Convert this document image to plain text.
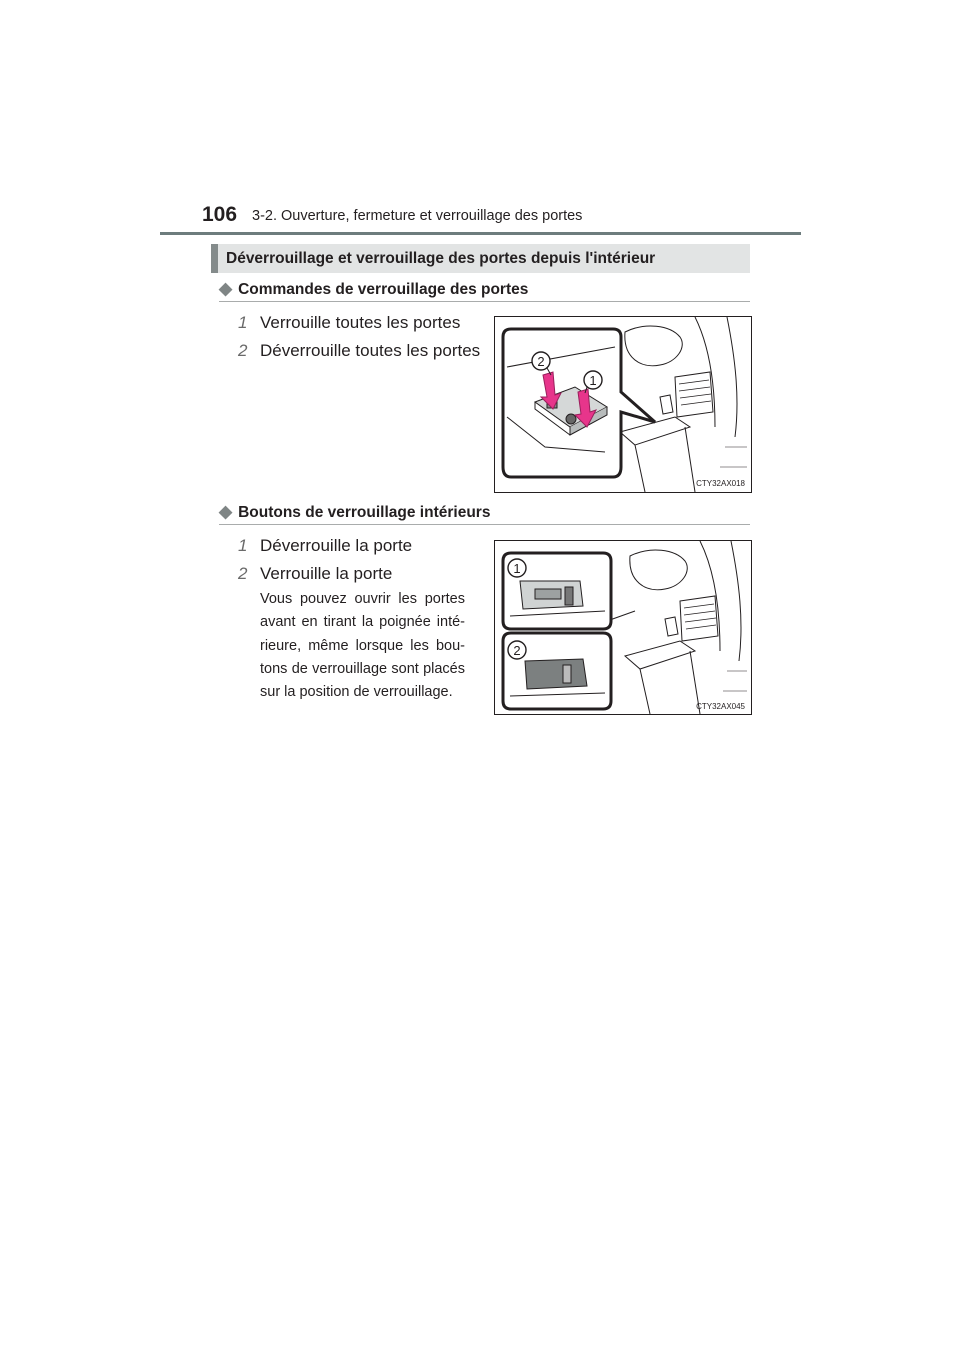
106 3-2. Ouverture, fermeture et verrouillage des portes
Déverrouillage et verrouillage des portes depuis l'intérieur
◆ Commandes de verrouillage des portes
1 Verrouille toutes les portes
2 Déverrouille toutes les portes
2
1
CTY32AX018
◆ Boutons de verrouillage intérieurs
1 Déverrouille la porte
2 Verrouille la porte
Vous pouvez ouvrir les portes avant en tirant la poignée inté-rieure, même lorsque les bou-tons de verrouillage sont placés sur la position de verrouillage.
1
2
CTY32AX045
